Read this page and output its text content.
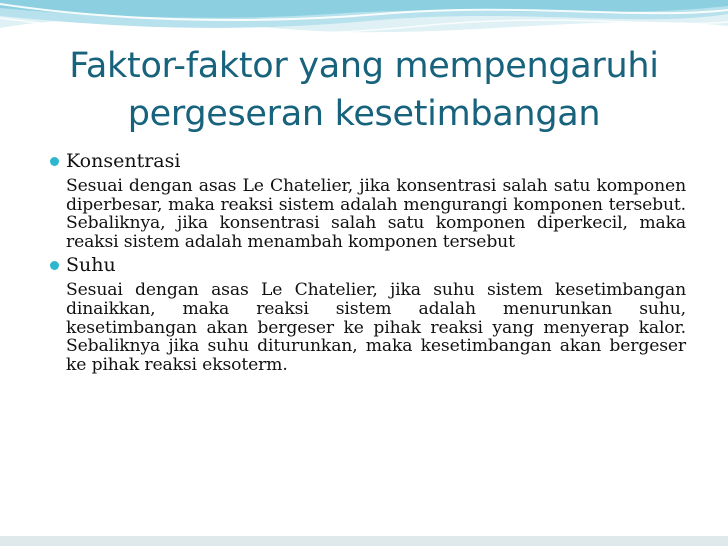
Faktor-faktor yang mempengaruhi
pergeseran kesetimbangan
Konsentrasi
Sesuai dengan asas Le Chatelier, jika konsentrasi salah satu komponen diperbesar, maka reaksi sistem adalah mengurangi komponen tersebut. Sebaliknya, jika konsentrasi salah satu komponen diperkecil, maka reaksi sistem adalah menambah komponen tersebut
Suhu
Sesuai dengan asas Le Chatelier, jika suhu sistem kesetimbangan dinaikkan, maka reaksi sistem adalah menurunkan suhu, kesetimbangan akan bergeser ke pihak reaksi yang menyerap kalor. Sebaliknya jika suhu diturunkan, maka kesetimbangan akan bergeser ke pihak reaksi eksoterm.
